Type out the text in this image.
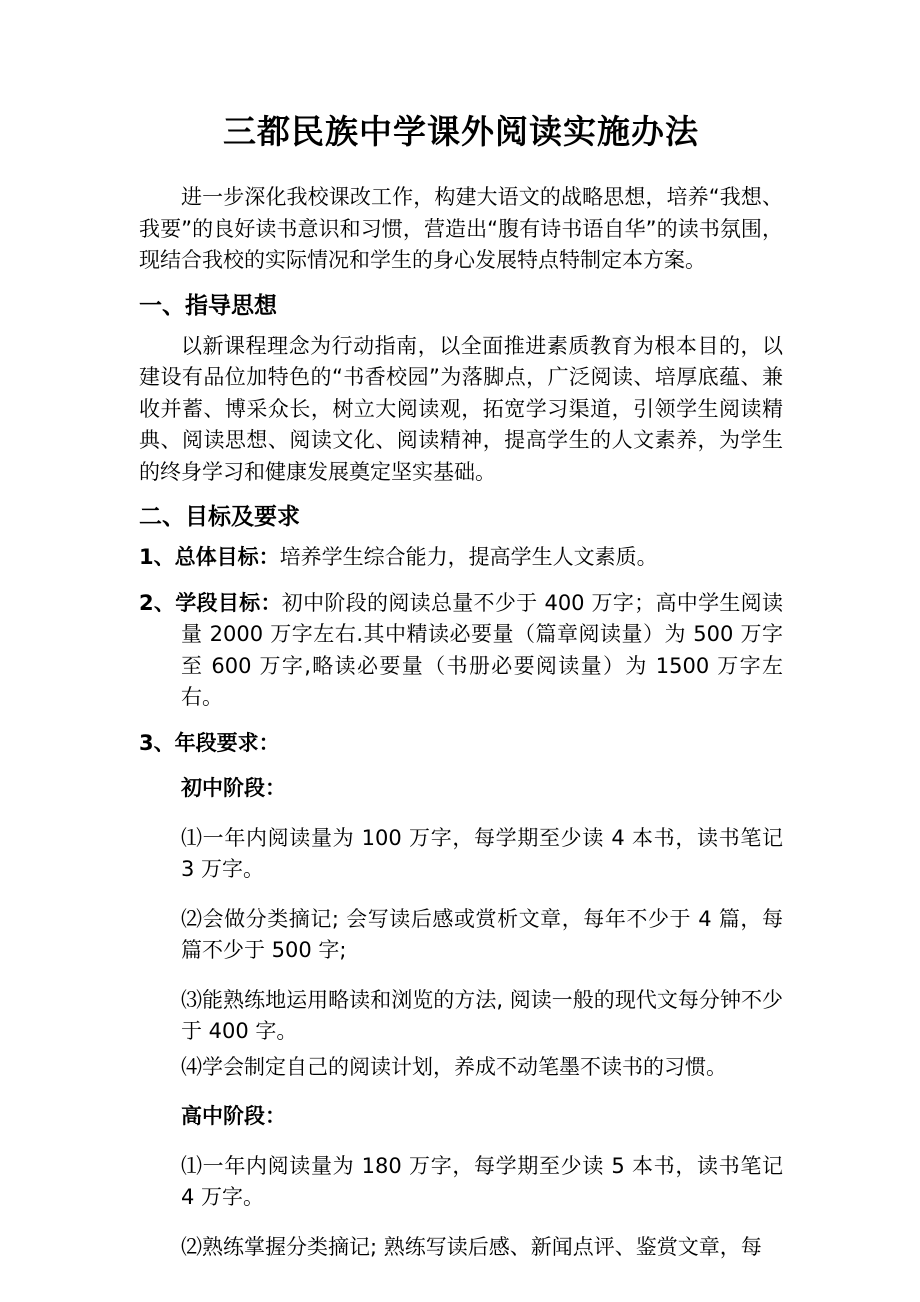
三都民族中学课外阅读实施办法

进一步深化我校课改工作，构建大语文的战略思想，培养“我想、我要”的良好读书意识和习惯，营造出“腹有诗书语自华”的读书氛围，现结合我校的实际情况和学生的身心发展特点特制定本方案。

一、指导思想

以新课程理念为行动指南，以全面推进素质教育为根本目的，以建设有品位加特色的“书香校园”为落脚点，广泛阅读、培厚底蕴、兼收并蓄、博采众长，树立大阅读观，拓宽学习渠道，引领学生阅读精典、阅读思想、阅读文化、阅读精神，提高学生的人文素养，为学生的终身学习和健康发展奠定坚实基础。

二、目标及要求

1、总体目标：培养学生综合能力，提高学生人文素质。

2、学段目标：初中阶段的阅读总量不少于 400 万字；高中学生阅读量 2000 万字左右.其中精读必要量（篇章阅读量）为 500 万字至 600 万字,略读必要量（书册必要阅读量）为 1500 万字左右。

3、年段要求：

初中阶段：

⑴一年内阅读量为 100 万字，每学期至少读 4 本书，读书笔记 3 万字。

⑵会做分类摘记; 会写读后感或赏析文章，每年不少于 4 篇，每篇不少于 500 字;

⑶能熟练地运用略读和浏览的方法, 阅读一般的现代文每分钟不少于 400 字。

⑷学会制定自己的阅读计划，养成不动笔墨不读书的习惯。

高中阶段：

⑴一年内阅读量为 180 万字，每学期至少读 5 本书，读书笔记 4 万字。

⑵熟练掌握分类摘记; 熟练写读后感、新闻点评、鉴赏文章，每
